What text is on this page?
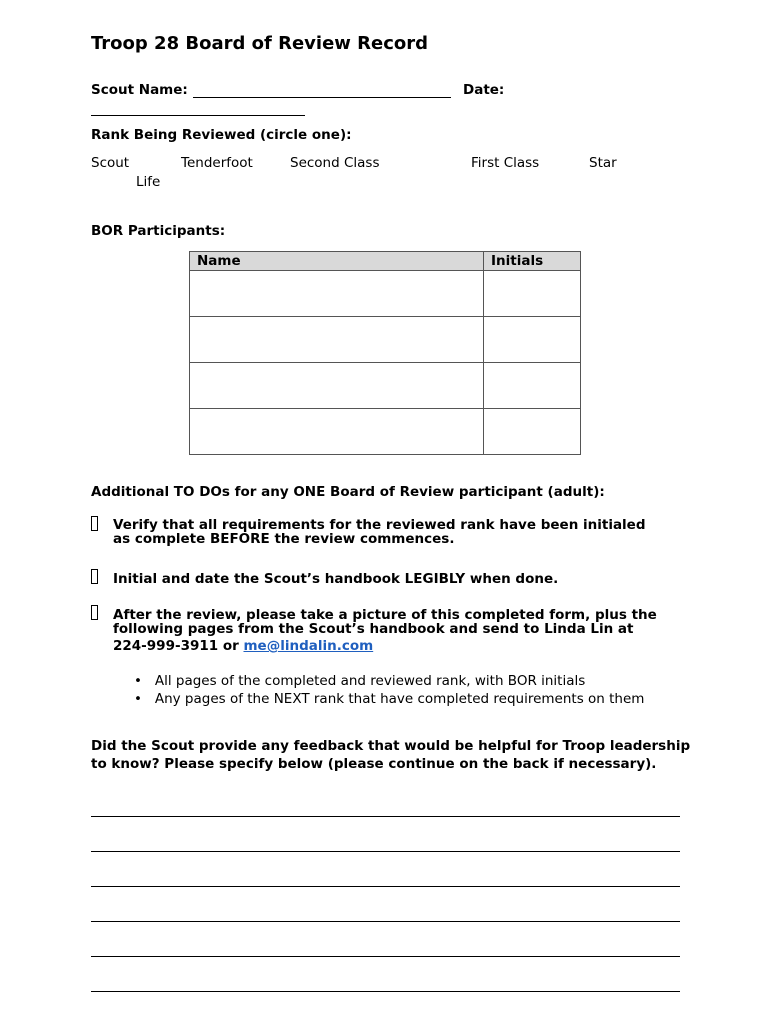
Troop 28 Board of Review Record
Scout Name:	Date:
Rank Being Reviewed (circle one):
Scout	Tenderfoot	Second Class	First Class	Star
Life
BOR Participants:
Name	Initials

Additional TO DOs for any ONE Board of Review participant (adult):
Verify that all requirements for the reviewed rank have been initialed
as complete BEFORE the review commences.
Initial and date the Scout’s handbook LEGIBLY when done.
After the review, please take a picture of this completed form, plus the
following pages from the Scout’s handbook and send to Linda Lin at
224-999-3911 or me@lindalin.com
•   All pages of the completed and reviewed rank, with BOR initials
•   Any pages of the NEXT rank that have completed requirements on them
Did the Scout provide any feedback that would be helpful for Troop leadership to know? Please specify below (please continue on the back if necessary).
